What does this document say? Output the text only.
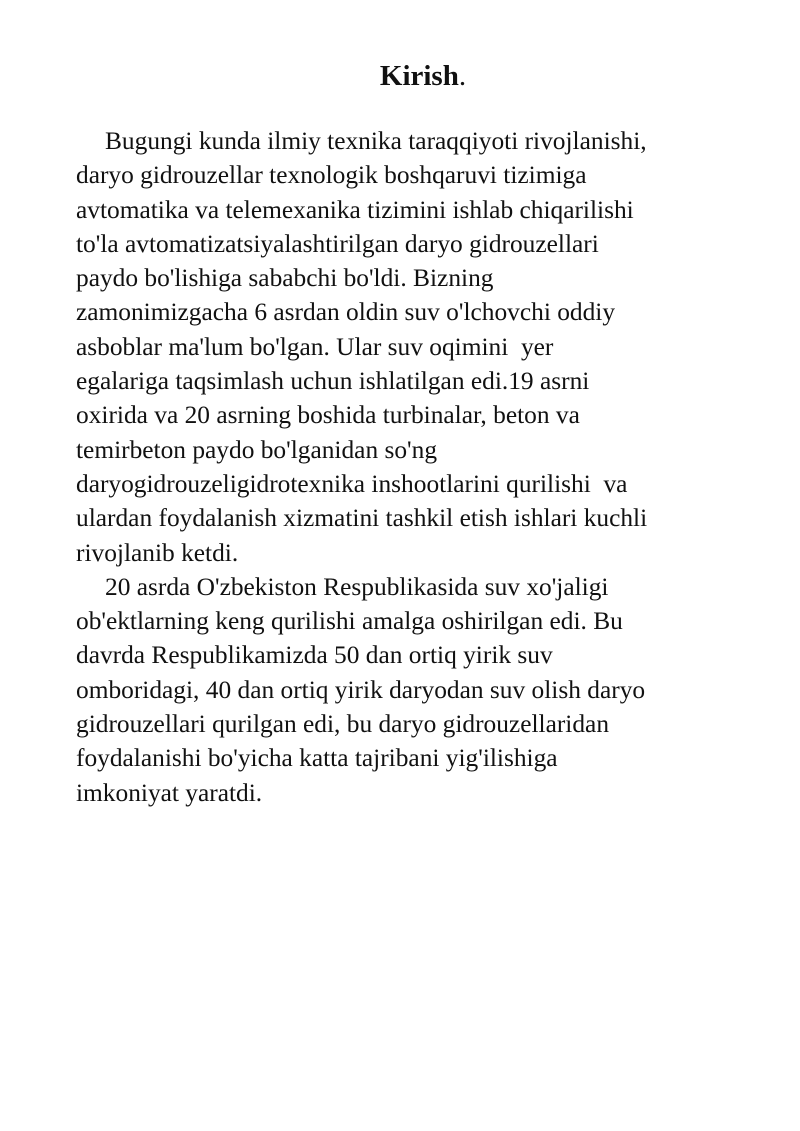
Kirish.
Bugungi kunda ilmiy texnika taraqqiyoti rivojlanishi,
daryo gidrouzellar texnologik boshqaruvi tizimiga
avtomatika va telemexanika tizimini ishlab chiqarilishi
to'la avtomatizatsiyalashtirilgan daryo gidrouzellari
paydo bo'lishiga sababchi bo'ldi. Bizning
zamonimizgacha 6 asrdan oldin suv o'lchovchi oddiy
asboblar ma'lum bo'lgan. Ular suv oqimini  yer
egalariga taqsimlash uchun ishlatilgan edi.19 asrni
oxirida va 20 asrning boshida turbinalar, beton va
temirbeton paydo bo'lganidan so'ng
daryogidrouzeligidrotexnika inshootlarini qurilishi  va
ulardan foydalanish xizmatini tashkil etish ishlari kuchli
rivojlanib ketdi.
20 asrda O'zbekiston Respublikasida suv xo'jaligi
ob'ektlarning keng qurilishi amalga oshirilgan edi. Bu
davrda Respublikamizda 50 dan ortiq yirik suv
omboridagi, 40 dan ortiq yirik daryodan suv olish daryo
gidrouzellari qurilgan edi, bu daryo gidrouzellaridan
foydalanishi bo'yicha katta tajribani yig'ilishiga
imkoniyat yaratdi.
